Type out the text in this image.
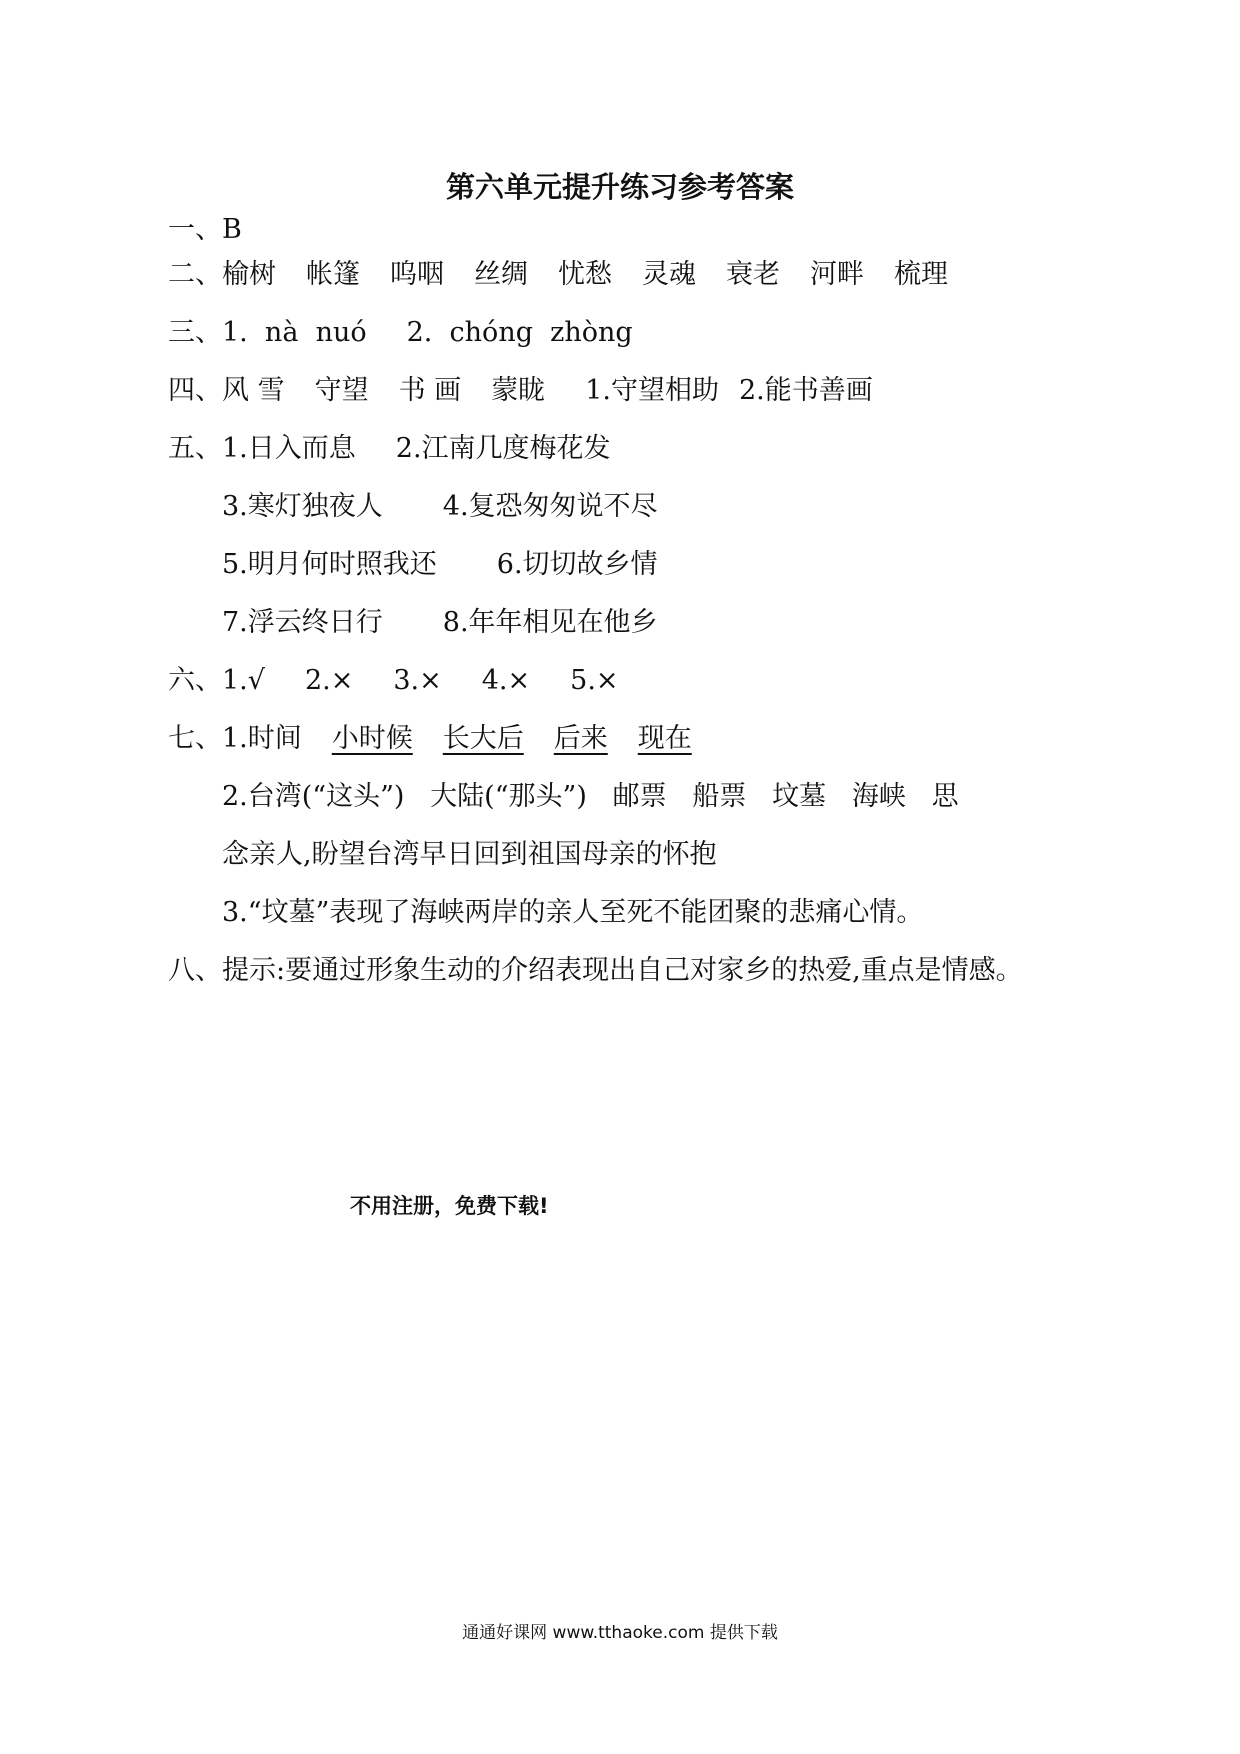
第六单元提升练习参考答案
一、B
二、榆树 帐篷 呜咽 丝绸 忧愁 灵魂 衰老 河畔 梳理
三、1.  nà  nuó 2.  chóng  zhòng
四、风 雪 守望 书 画 蒙眬 1.守望相助 2.能书善画
五、1.日入而息 2.江南几度梅花发
3.寒灯独夜人 4.复恐匆匆说不尽
5.明月何时照我还 6.切切故乡情
7.浮云终日行 8.年年相见在他乡
六、1.√ 2.× 3.× 4.× 5.×
七、1.时间 小时候 长大后 后来 现在
2.台湾(“这头”)   大陆(“那头”)   邮票   船票   坟墓   海峡   思
念亲人,盼望台湾早日回到祖国母亲的怀抱
3.“坟墓”表现了海峡两岸的亲人至死不能团聚的悲痛心情。
八、提示:要通过形象生动的介绍表现出自己对家乡的热爱,重点是情感。
不用注册，免费下载!
通通好课网 www.tthaoke.com 提供下载
